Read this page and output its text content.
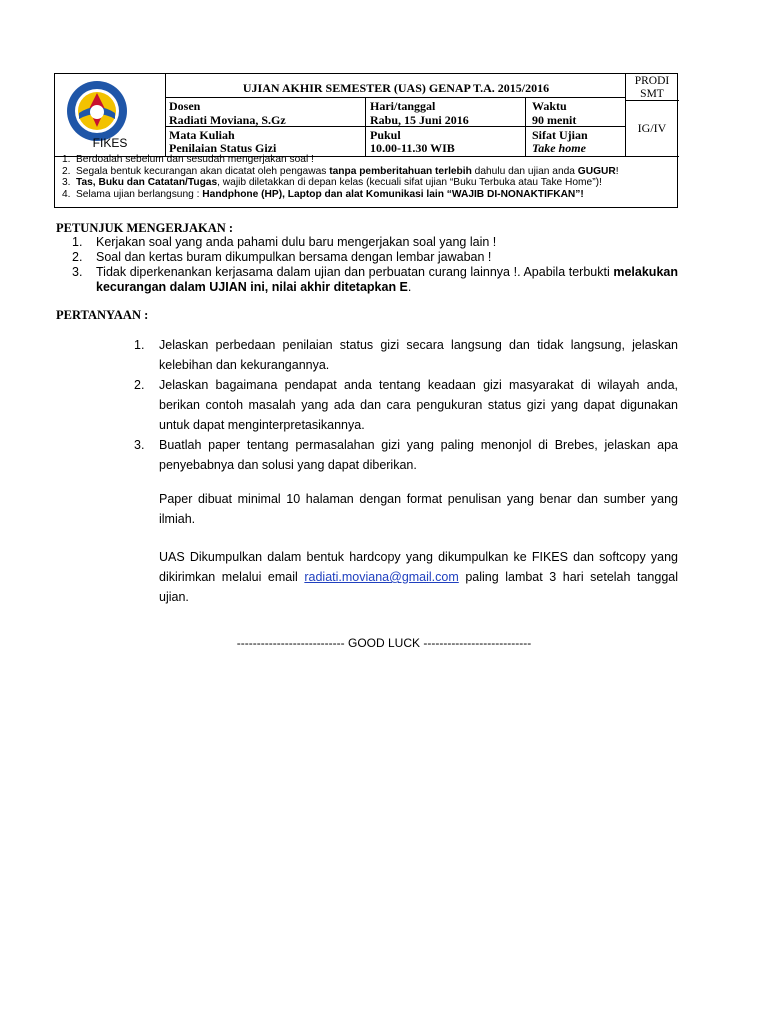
FIKES
UJIAN AKHIR SEMESTER (UAS) GENAP T.A. 2015/2016	PRODI
SMT
IG/IV
Dosen
Radiati Moviana, S.Gz
Hari/tanggal
Rabu, 15 Juni 2016
Waktu
90 menit
Mata Kuliah
Penilaian Status Gizi
Pukul
10.00-11.30 WIB
Sifat Ujian
Take home
1. Berdoalah sebelum dan sesudah mengerjakan soal !
2. Segala bentuk kecurangan akan dicatat oleh pengawas tanpa pemberitahuan terlebih dahulu dan ujian anda GUGUR!
3. Tas, Buku dan Catatan/Tugas, wajib diletakkan di depan kelas (kecuali sifat ujian “Buku Terbuka atau Take Home”)!
4. Selama ujian berlangsung : Handphone (HP), Laptop dan alat Komunikasi lain “WAJIB DI-NONAKTIFKAN”!
PETUNJUK MENGERJAKAN :
1. Kerjakan soal yang anda pahami dulu baru mengerjakan soal yang lain !
2. Soal dan kertas buram dikumpulkan bersama dengan lembar jawaban !
3. Tidak diperkenankan kerjasama dalam ujian dan perbuatan curang lainnya !. Apabila terbukti melakukan kecurangan dalam UJIAN ini, nilai akhir ditetapkan E.
PERTANYAAN :
1. Jelaskan perbedaan penilaian status gizi secara langsung dan tidak langsung, jelaskan kelebihan dan kekurangannya.
2. Jelaskan bagaimana pendapat anda tentang keadaan gizi masyarakat di wilayah anda, berikan contoh masalah yang ada dan cara pengukuran status gizi yang dapat digunakan untuk dapat menginterpretasikannya.
3. Buatlah paper tentang permasalahan gizi yang paling menonjol di Brebes, jelaskan apa penyebabnya dan solusi yang dapat diberikan.
Paper dibuat minimal 10 halaman dengan format penulisan yang benar dan sumber yang ilmiah.
UAS Dikumpulkan dalam bentuk hardcopy yang dikumpulkan ke FIKES dan softcopy yang dikirimkan melalui email radiati.moviana@gmail.com paling lambat 3 hari setelah tanggal ujian.
--------------------------- GOOD LUCK ---------------------------
